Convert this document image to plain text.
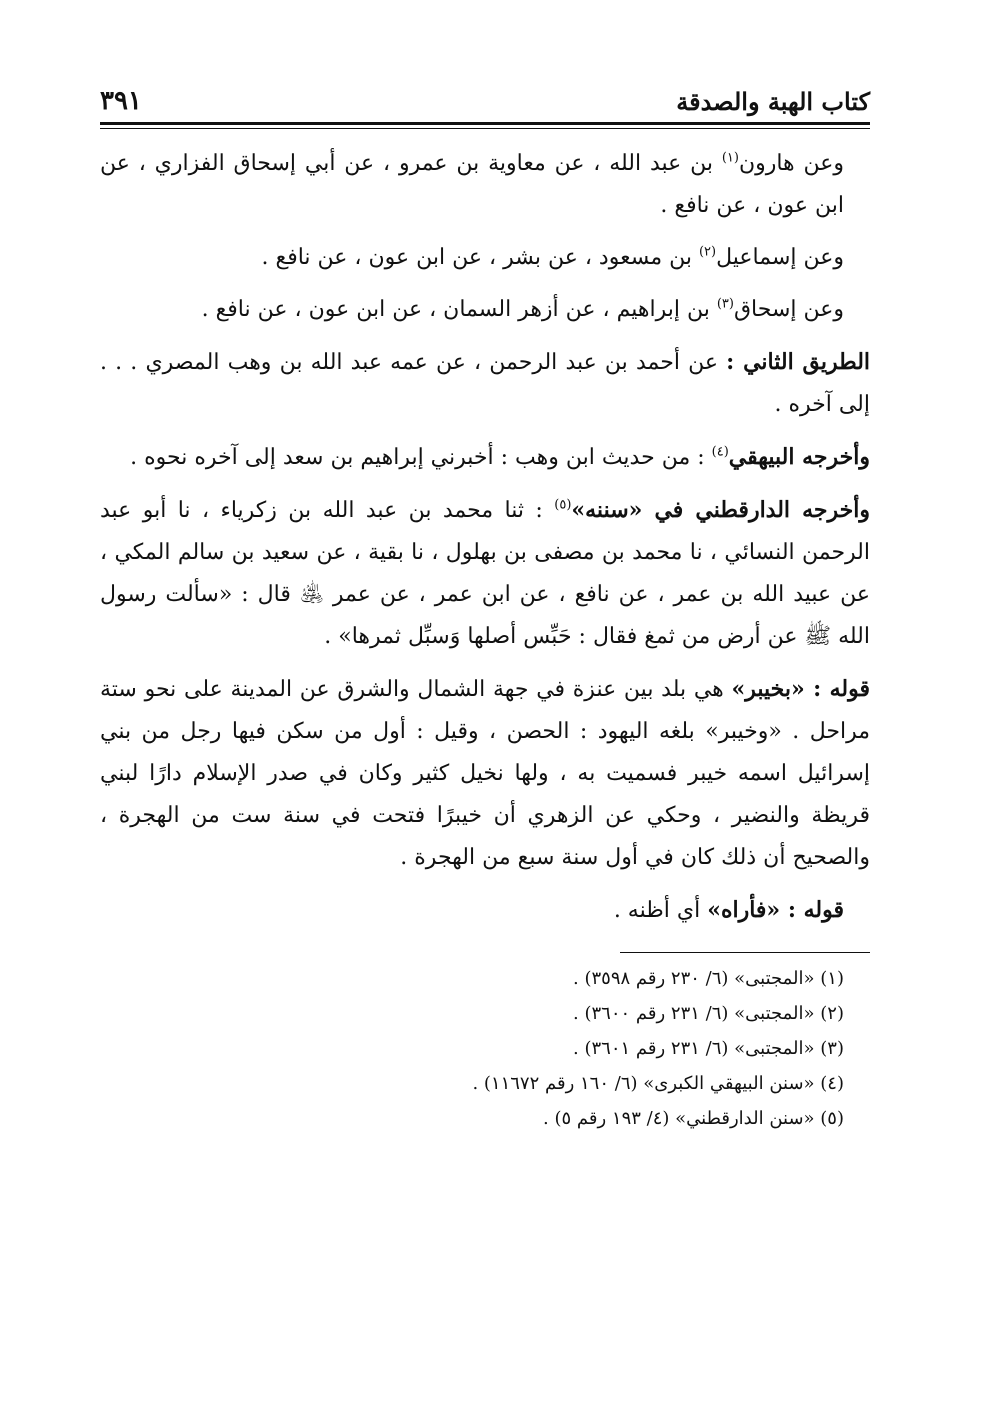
كتاب الهبة والصدقة
٣٩١

وعن هارون$^{(١)}$ بن عبد الله ، عن معاوية بن عمرو ، عن أبي إسحاق الفزاري ، عن ابن عون ، عن نافع .

وعن إسماعيل$^{(٢)}$ بن مسعود ، عن بشر ، عن ابن عون ، عن نافع .

وعن إسحاق$^{(٣)}$ بن إبراهيم ، عن أزهر السمان ، عن ابن عون ، عن نافع .

الطريق الثاني : عن أحمد بن عبد الرحمن ، عن عمه عبد الله بن وهب المصري . . . إلى آخره .

وأخرجه البيهقي$^{(٤)}$ : من حديث ابن وهب : أخبرني إبراهيم بن سعد إلى آخره نحوه .

وأخرجه الدارقطني في «سننه»$^{(٥)}$ : ثنا محمد بن عبد الله بن زكرياء ، نا أبو عبد الرحمن النسائي ، نا محمد بن مصفى بن بهلول ، نا بقية ، عن سعيد بن سالم المكي ، عن عبيد الله بن عمر ، عن نافع ، عن ابن عمر ، عن عمر ﵁ قال : «سألت رسول الله ﷺ عن أرض من ثمغ فقال : حَبِّس أصلها وَسبِّل ثمرها» .

قوله : «بخيبر» هي بلد بين عنزة في جهة الشمال والشرق عن المدينة على نحو ستة مراحل . «وخيبر» بلغه اليهود : الحصن ، وقيل : أول من سكن فيها رجل من بني إسرائيل اسمه خيبر فسميت به ، ولها نخيل كثير وكان في صدر الإسلام دارًا لبني قريظة والنضير ، وحكي عن الزهري أن خيبرًا فتحت في سنة ست من الهجرة ، والصحيح أن ذلك كان في أول سنة سبع من الهجرة .

قوله : «فأراه» أي أظنه .

(١) «المجتبى» (٦/ ٢٣٠ رقم ٣٥٩٨) .

(٢) «المجتبى» (٦/ ٢٣١ رقم ٣٦٠٠) .

(٣) «المجتبى» (٦/ ٢٣١ رقم ٣٦٠١) .

(٤) «سنن البيهقي الكبرى» (٦/ ١٦٠ رقم ١١٦٧٢) .

(٥) «سنن الدارقطني» (٤/ ١٩٣ رقم ٥) .
